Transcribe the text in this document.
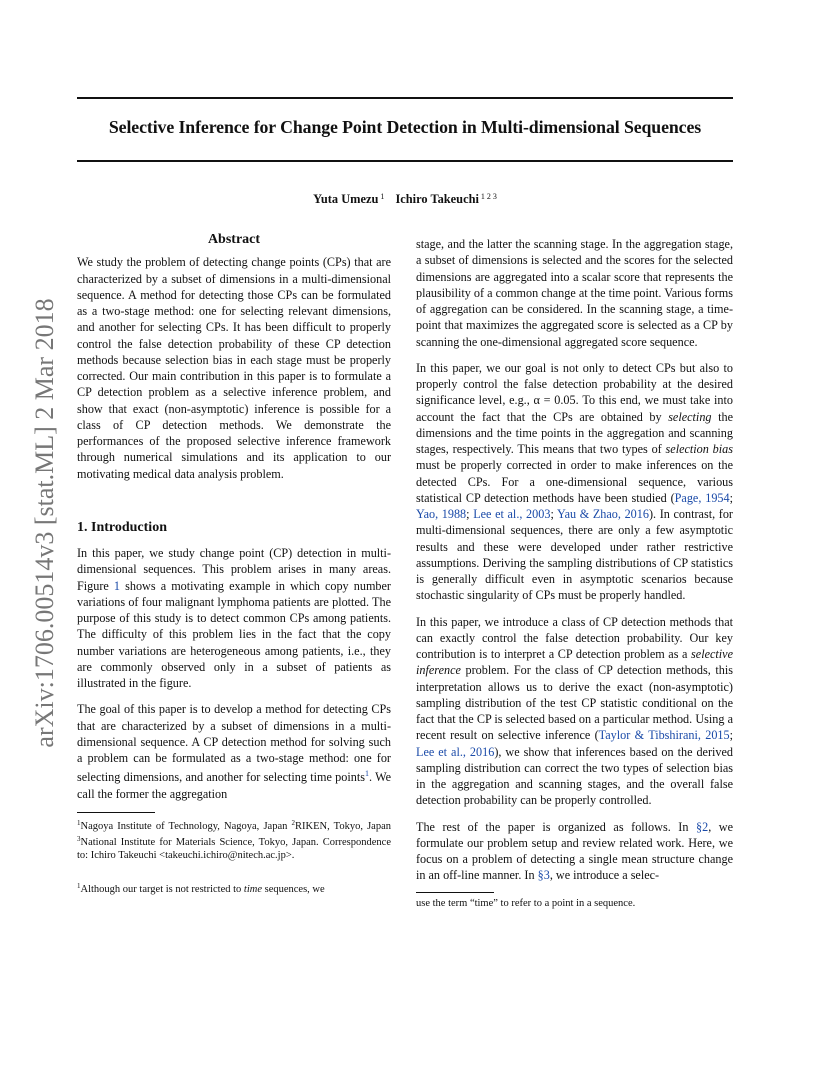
Selective Inference for Change Point Detection in Multi-dimensional Sequences
Yuta Umezu $^1$ Ichiro Takeuchi $^{1 2 3}$
arXiv:1706.00514v3 [stat.ML] 2 Mar 2018
Abstract

We study the problem of detecting change points (CPs) that are characterized by a subset of dimensions in a multi-dimensional sequence. A method for detecting those CPs can be formulated as a two-stage method: one for selecting relevant dimensions, and another for selecting CPs. It has been difficult to properly control the false detection probability of these CP detection methods because selection bias in each stage must be properly corrected. Our main contribution in this paper is to formulate a CP detection problem as a selective inference problem, and show that exact (non-asymptotic) inference is possible for a class of CP detection methods. We demonstrate the performances of the proposed selective inference framework through numerical simulations and its application to our motivating medical data analysis problem.

1. Introduction

In this paper, we study change point (CP) detection in multi-dimensional sequences. This problem arises in many areas. Figure 1 shows a motivating example in which copy number variations of four malignant lymphoma patients are plotted. The purpose of this study is to detect common CPs among patients. The difficulty of this problem lies in the fact that the copy number variations are heterogeneous among patients, i.e., they are commonly observed only in a subset of patients as illustrated in the figure.

The goal of this paper is to develop a method for detecting CPs that are characterized by a subset of dimensions in a multi-dimensional sequence. A CP detection method for solving such a problem can be formulated as a two-stage method: one for selecting dimensions, and another for selecting time points$^1$. We call the former the aggregation

$^1$Nagoya Institute of Technology, Nagoya, Japan $^2$RIKEN, Tokyo, Japan $^3$National Institute for Materials Science, Tokyo, Japan. Correspondence to: Ichiro Takeuchi <takeuchi.ichiro@nitech.ac.jp>.

$^1$Although our target is not restricted to time sequences, we

stage, and the latter the scanning stage. In the aggregation stage, a subset of dimensions is selected and the scores for the selected dimensions are aggregated into a scalar score that represents the plausibility of a common change at the time point. Various forms of aggregation can be considered. In the scanning stage, a time-point that maximizes the aggregated score is selected as a CP by scanning the one-dimensional aggregated score sequence.

In this paper, we our goal is not only to detect CPs but also to properly control the false detection probability at the desired significance level, e.g., α = 0.05. To this end, we must take into account the fact that the CPs are obtained by selecting the dimensions and the time points in the aggregation and scanning stages, respectively. This means that two types of selection bias must be properly corrected in order to make inferences on the detected CPs. For a one-dimensional sequence, various statistical CP detection methods have been studied (Page, 1954; Yao, 1988; Lee et al., 2003; Yau & Zhao, 2016). In contrast, for multi-dimensional sequences, there are only a few asymptotic results and these were developed under rather restrictive assumptions. Deriving the sampling distributions of CP statistics is generally difficult even in asymptotic scenarios because stochastic singularity of CPs must be properly handled.

In this paper, we introduce a class of CP detection methods that can exactly control the false detection probability. Our key contribution is to interpret a CP detection problem as a selective inference problem. For the class of CP detection methods, this interpretation allows us to derive the exact (non-asymptotic) sampling distribution of the test CP statistic conditional on the fact that the CP is selected based on a particular method. Using a recent result on selective inference (Taylor & Tibshirani, 2015; Lee et al., 2016), we show that inferences based on the derived sampling distribution can correct the two types of selection bias in the aggregation and scanning stages, and the overall false detection probability can be properly controlled.

The rest of the paper is organized as follows. In §2, we formulate our problem setup and review related work. Here, we focus on a problem of detecting a single mean structure change in an off-line manner. In §3, we introduce a selec-

use the term “time” to refer to a point in a sequence.
